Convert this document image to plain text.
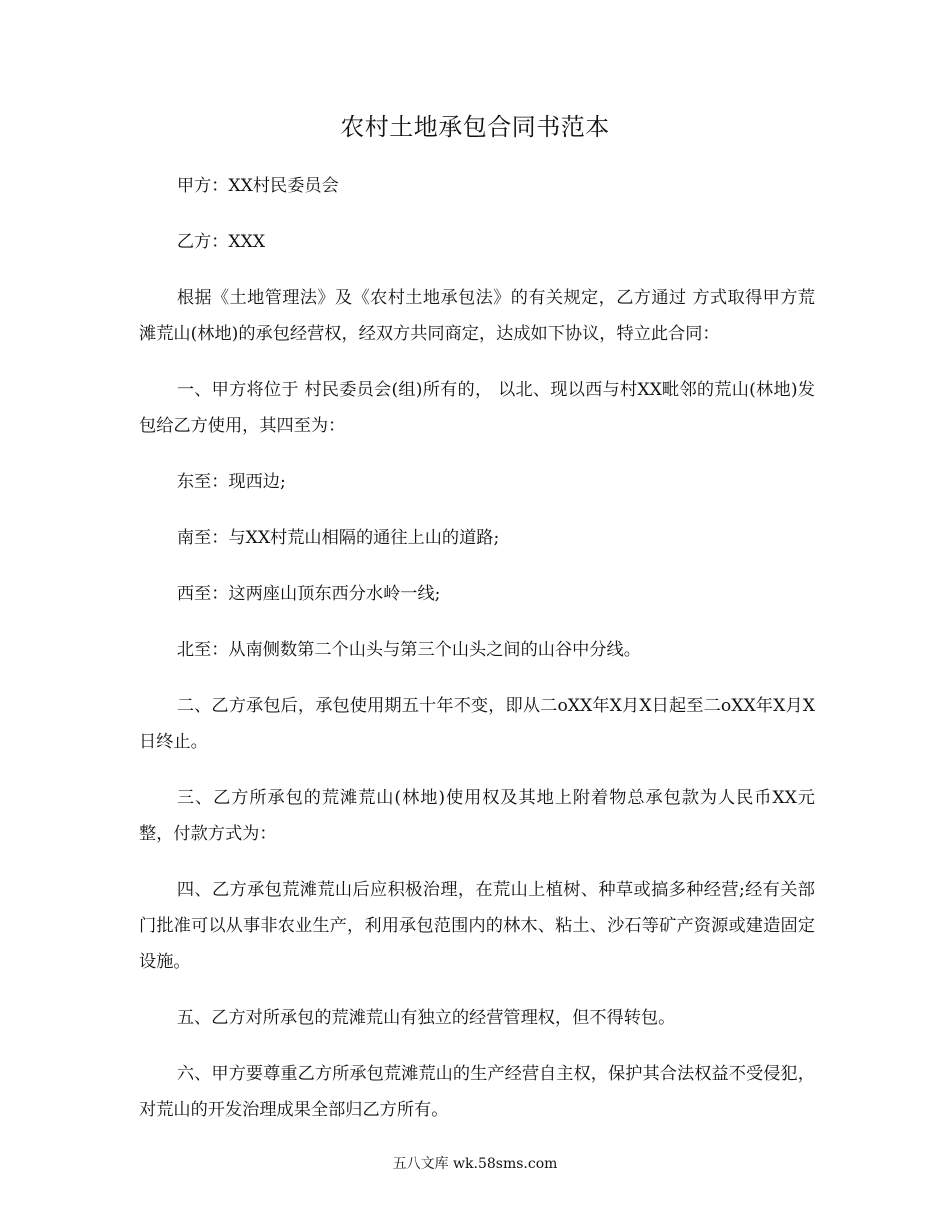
农村土地承包合同书范本

甲方：XX村民委员会

乙方：XXX

根据《土地管理法》及《农村土地承包法》的有关规定，乙方通过 方式取得甲方荒滩荒山(林地)的承包经营权，经双方共同商定，达成如下协议，特立此合同：

一、甲方将位于 村民委员会(组)所有的， 以北、现以西与村XX毗邻的荒山(林地)发包给乙方使用，其四至为：

东至：现西边;

南至：与XX村荒山相隔的通往上山的道路;

西至：这两座山顶东西分水岭一线;

北至：从南侧数第二个山头与第三个山头之间的山谷中分线。

二、乙方承包后，承包使用期五十年不变，即从二oXX年X月X日起至二oXX年X月X日终止。

三、乙方所承包的荒滩荒山(林地)使用权及其地上附着物总承包款为人民币XX元整，付款方式为：

四、乙方承包荒滩荒山后应积极治理，在荒山上植树、种草或搞多种经营;经有关部门批准可以从事非农业生产，利用承包范围内的林木、粘土、沙石等矿产资源或建造固定设施。

五、乙方对所承包的荒滩荒山有独立的经营管理权，但不得转包。

六、甲方要尊重乙方所承包荒滩荒山的生产经营自主权，保护其合法权益不受侵犯，对荒山的开发治理成果全部归乙方所有。

五八文库 wk.58sms.com
